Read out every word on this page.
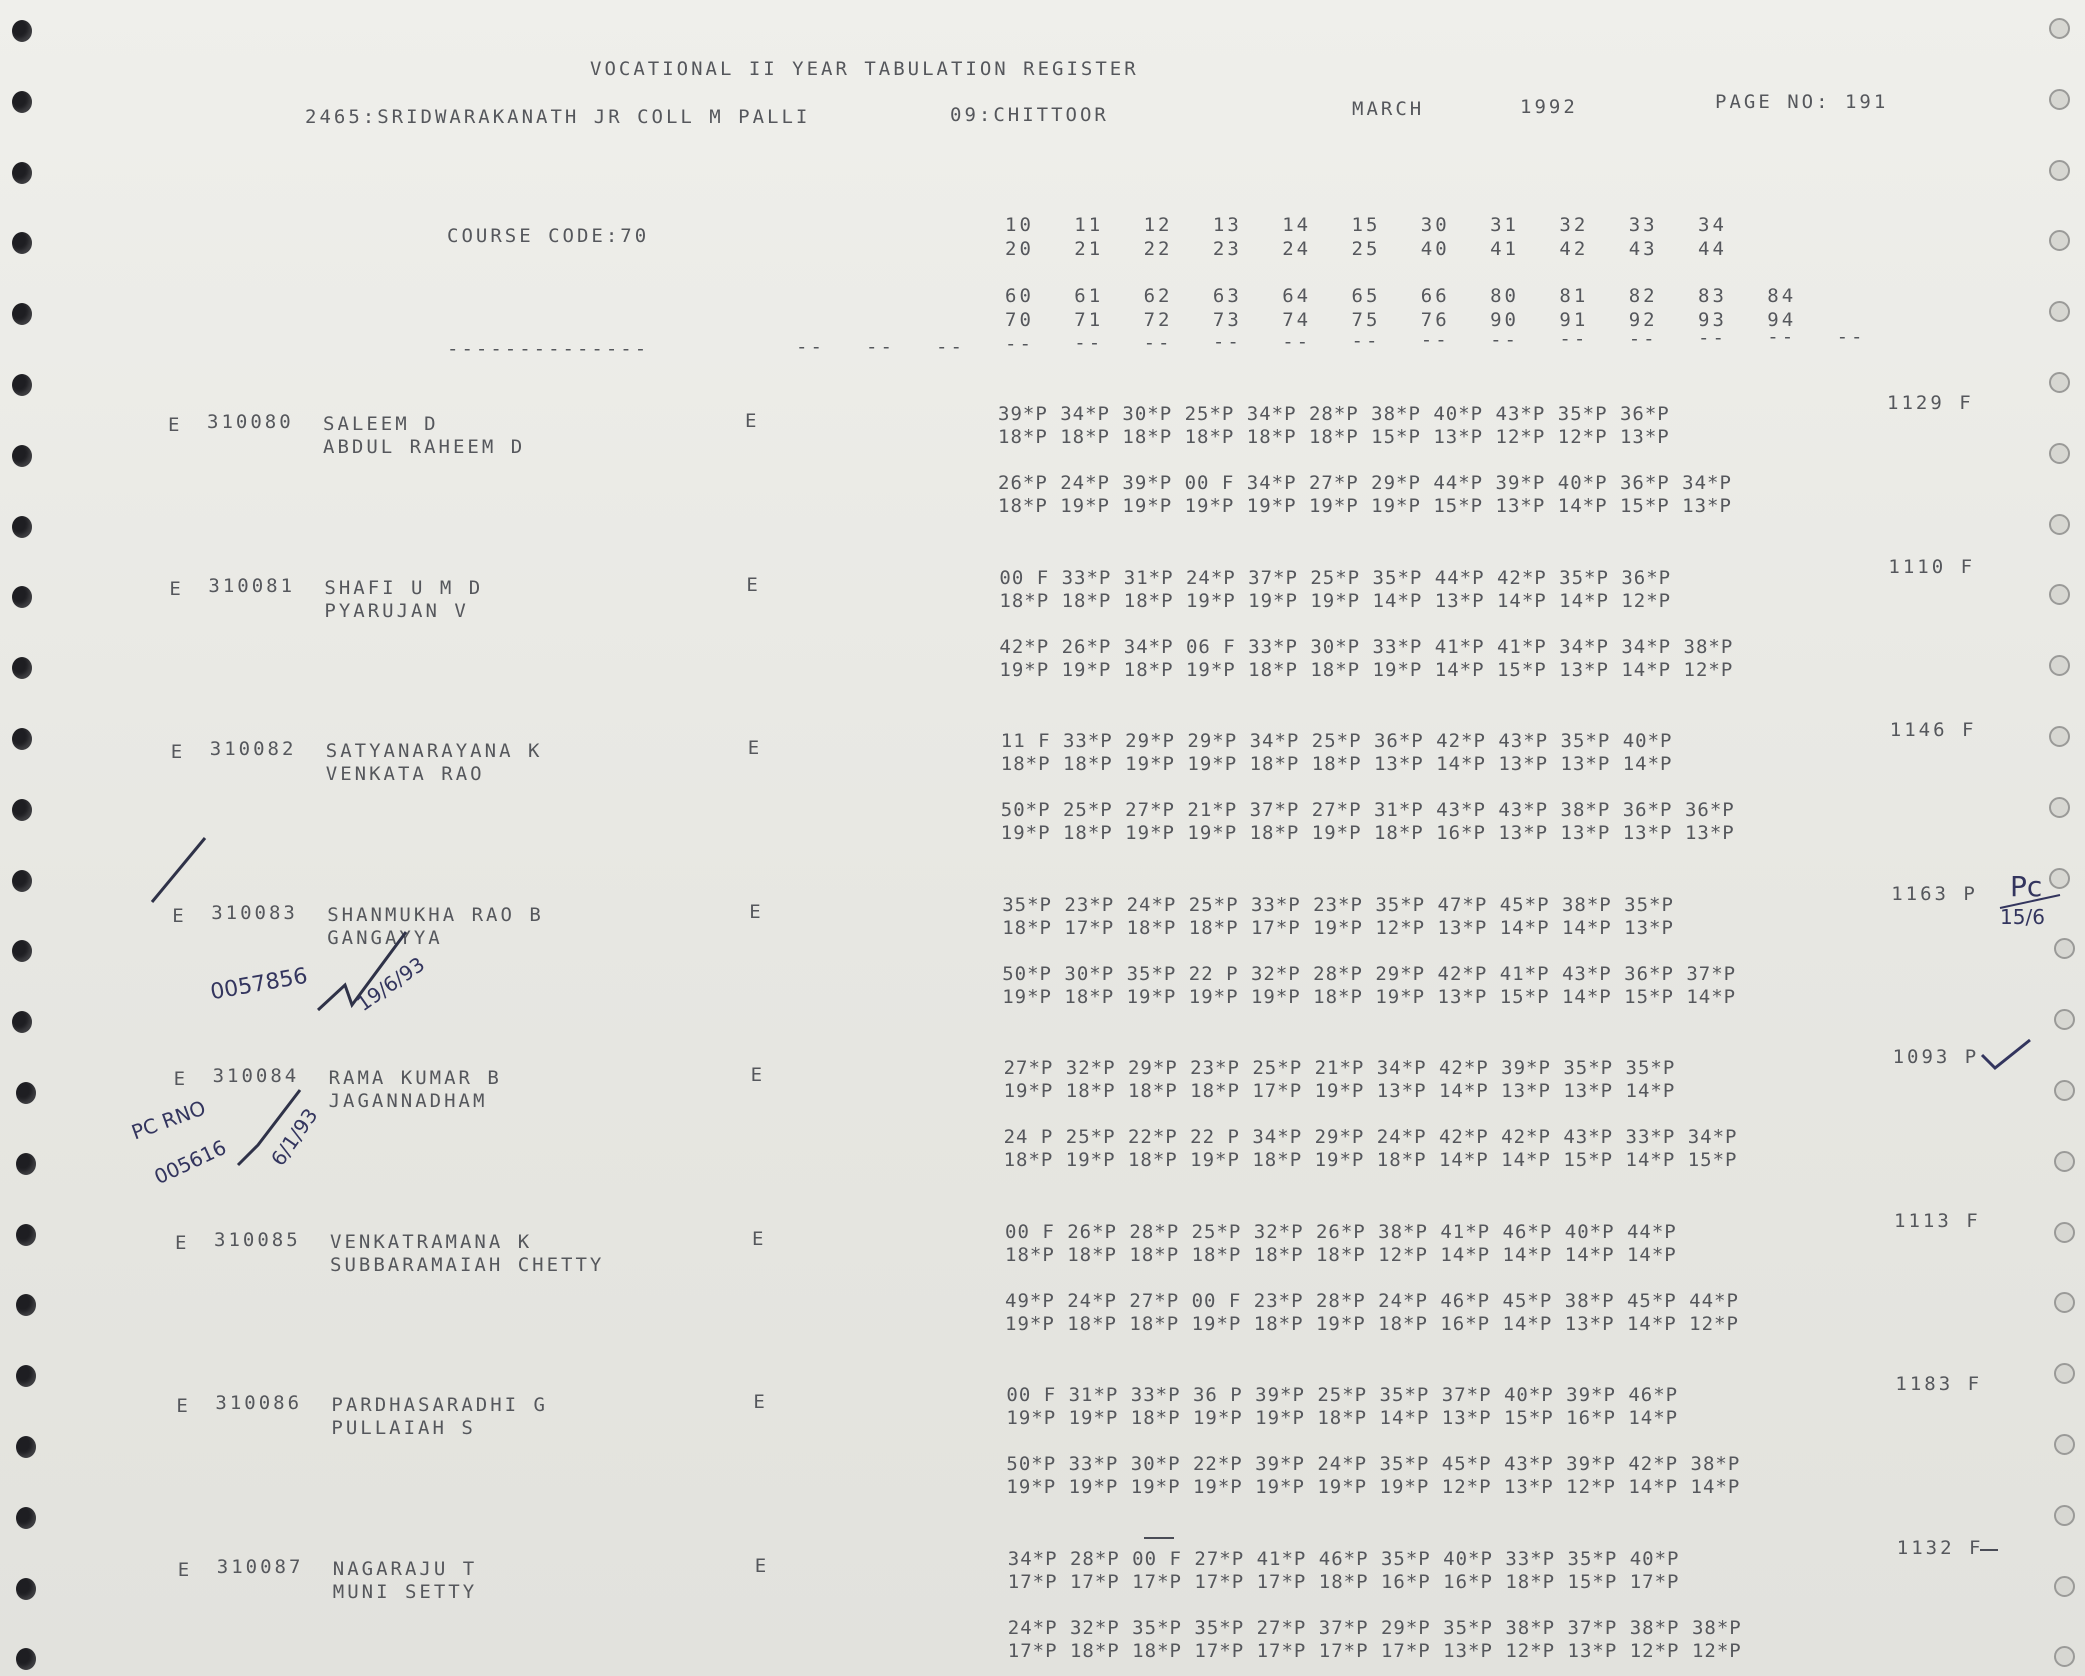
VOCATIONAL II YEAR TABULATION REGISTER
2465:SRIDWARAKANATH JR COLL M PALLI	09:CHITTOOR	MARCH	1992	PAGE NO: 191
COURSE CODE:70	10 11 12 13 14 15 30 31 32 33 34
20 21 22 23 24 25 40 41 42 43 44
60 61 62 63 64 65 66 80 81 82 83 84
70 71 72 73 74 75 76 90 91 92 93 94
--------------	-- -- -- -- -- -- -- -- -- -- -- -- -- -- -- --
E 310080 SALEEM D
ABDUL RAHEEM D
E	39*P 34*P 30*P 25*P 34*P 28*P 38*P 40*P 43*P 35*P 36*P
18*P 18*P 18*P 18*P 18*P 18*P 15*P 13*P 12*P 12*P 13*P
26*P 24*P 39*P 00 F 34*P 27*P 29*P 44*P 39*P 40*P 36*P 34*P
18*P 19*P 19*P 19*P 19*P 19*P 19*P 15*P 13*P 14*P 15*P 13*P
1129 F
E 310081 SHAFI U M D
PYARUJAN V
E	00 F 33*P 31*P 24*P 37*P 25*P 35*P 44*P 42*P 35*P 36*P
18*P 18*P 18*P 19*P 19*P 19*P 14*P 13*P 14*P 14*P 12*P
42*P 26*P 34*P 06 F 33*P 30*P 33*P 41*P 41*P 34*P 34*P 38*P
19*P 19*P 18*P 19*P 18*P 18*P 19*P 14*P 15*P 13*P 14*P 12*P
1110 F
E 310082 SATYANARAYANA K
VENKATA RAO
E	11 F 33*P 29*P 29*P 34*P 25*P 36*P 42*P 43*P 35*P 40*P
18*P 18*P 19*P 19*P 18*P 18*P 13*P 14*P 13*P 13*P 14*P
50*P 25*P 27*P 21*P 37*P 27*P 31*P 43*P 43*P 38*P 36*P 36*P
19*P 18*P 19*P 19*P 18*P 19*P 18*P 16*P 13*P 13*P 13*P 13*P
1146 F
E 310083 SHANMUKHA RAO B
GANGAYYA
E	35*P 23*P 24*P 25*P 33*P 23*P 35*P 47*P 45*P 38*P 35*P
18*P 17*P 18*P 18*P 17*P 19*P 12*P 13*P 14*P 14*P 13*P
50*P 30*P 35*P 22 P 32*P 28*P 29*P 42*P 41*P 43*P 36*P 37*P
19*P 18*P 19*P 19*P 19*P 18*P 19*P 13*P 15*P 14*P 15*P 14*P
1163 P
E 310084 RAMA KUMAR B
JAGANNADHAM
E	27*P 32*P 29*P 23*P 25*P 21*P 34*P 42*P 39*P 35*P 35*P
19*P 18*P 18*P 18*P 17*P 19*P 13*P 14*P 13*P 13*P 14*P
24 P 25*P 22*P 22 P 34*P 29*P 24*P 42*P 42*P 43*P 33*P 34*P
18*P 19*P 18*P 19*P 18*P 19*P 18*P 14*P 14*P 15*P 14*P 15*P
1093 P
E 310085 VENKATRAMANA K
SUBBARAMAIAH CHETTY
E	00 F 26*P 28*P 25*P 32*P 26*P 38*P 41*P 46*P 40*P 44*P
18*P 18*P 18*P 18*P 18*P 18*P 12*P 14*P 14*P 14*P 14*P
49*P 24*P 27*P 00 F 23*P 28*P 24*P 46*P 45*P 38*P 45*P 44*P
19*P 18*P 18*P 19*P 18*P 19*P 18*P 16*P 14*P 13*P 14*P 12*P
1113 F
E 310086 PARDHASARADHI G
PULLAIAH S
E	00 F 31*P 33*P 36 P 39*P 25*P 35*P 37*P 40*P 39*P 46*P
19*P 19*P 18*P 19*P 19*P 18*P 14*P 13*P 15*P 16*P 14*P
50*P 33*P 30*P 22*P 39*P 24*P 35*P 45*P 43*P 39*P 42*P 38*P
19*P 19*P 19*P 19*P 19*P 19*P 19*P 12*P 13*P 12*P 14*P 14*P
1183 F
E 310087 NAGARAJU T
MUNI SETTY
E	34*P 28*P 00 F 27*P 41*P 46*P 35*P 40*P 33*P 35*P 40*P
17*P 17*P 17*P 17*P 17*P 18*P 16*P 16*P 18*P 15*P 17*P
24*P 32*P 35*P 35*P 27*P 37*P 29*P 35*P 38*P 37*P 38*P 38*P
17*P 18*P 18*P 17*P 17*P 17*P 17*P 13*P 12*P 13*P 12*P 12*P
1132 F
0057856 19/6/93
PC RNO
005616 6/1/93
Pc
15/6
